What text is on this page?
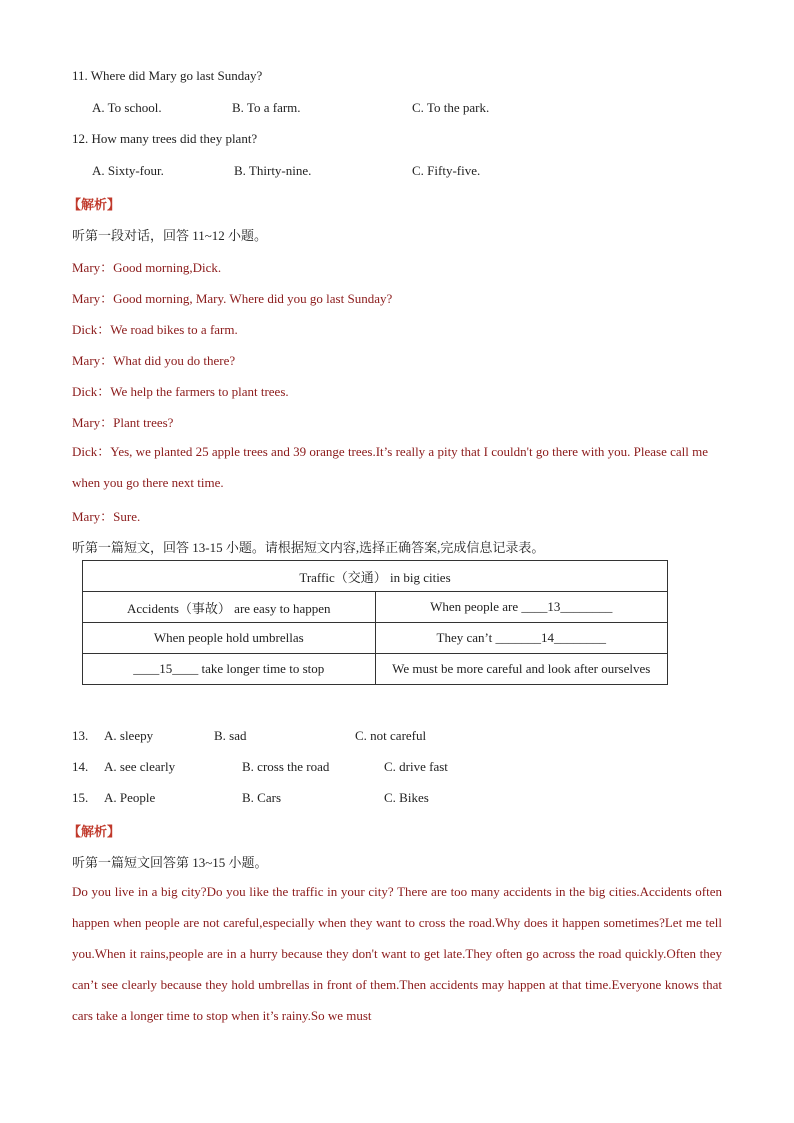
11. Where did Mary go last Sunday?
A. To school.	B. To a farm.	C. To the park.
12. How many trees did they plant?
A. Sixty-four.	B. Thirty-nine.	C. Fifty-five.
【解析】
听第一段对话，回答 11~12 小题。
Mary：Good morning,Dick.
Mary：Good morning, Mary. Where did you go last Sunday?
Dick：We road bikes to a farm.
Mary：What did you do there?
Dick：We help the farmers to plant trees.
Mary：Plant trees?
Dick：Yes, we planted 25 apple trees and 39 orange trees.It’s really a pity that I couldn't go there with you. Please call me when you go there next time.
Mary：Sure.
听第一篇短文，回答 13-15 小题。请根据短文内容,选择正确答案,完成信息记录表。
Traffic（交通） in big cities	
Accidents（事故） are easy to happen	When people are ____13________
When people hold umbrellas	They can’t _______14________
____15____ take longer time to stop	We must be more careful and look after ourselves
13. A. sleepy	B. sad	C. not careful
14. A. see clearly	B. cross the road	C. drive fast
15. A. People	B. Cars	C. Bikes
【解析】
听第一篇短文回答第 13~15 小题。
Do you live in a big city?Do you like the traffic in your city? There are too many accidents in the big cities.Accidents often happen when people are not careful,especially when they want to cross the road.Why does it happen sometimes?Let me tell you.When it rains,people are in a hurry because they don't want to get late.They often go across the road quickly.Often they can’t see clearly because they hold umbrellas in front of them.Then accidents may happen at that time.Everyone knows that cars take a longer time to stop when it’s rainy.So we must
